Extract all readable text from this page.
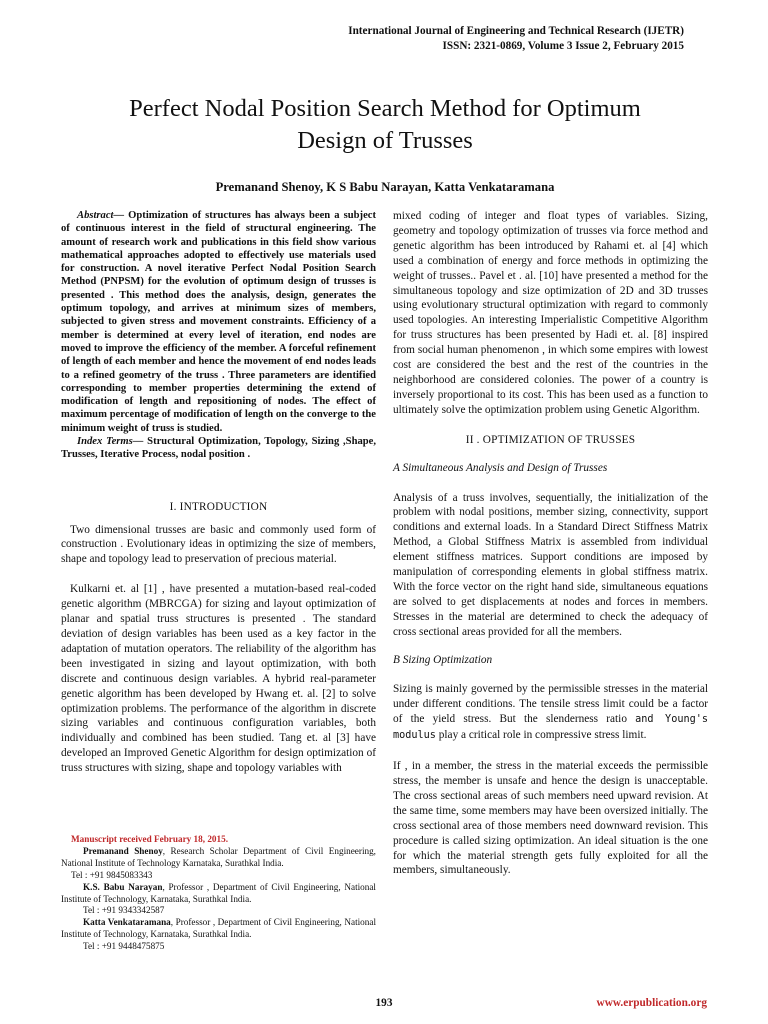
International Journal of Engineering and Technical Research (IJETR)
ISSN: 2321-0869, Volume 3 Issue 2, February 2015
Perfect Nodal Position Search Method for Optimum
Design of Trusses
Premanand Shenoy, K S Babu Narayan, Katta Venkataramana

Abstract— Optimization of structures has always been a subject of continuous interest in the field of structural engineering. The amount of research work and publications in this field show various mathematical approaches adopted to effectively use materials used for construction. A novel iterative Perfect Nodal Position Search Method (PNPSM) for the evolution of optimum design of trusses is presented . This method does the analysis, design, generates the optimum topology, and arrives at minimum sizes of members, subjected to given stress and movement constraints. Efficiency of a member is determined at every level of iteration, end nodes are moved to improve the efficiency of the member. A forceful refinement of length of each member and hence the movement of end nodes leads to a refined geometry of the truss . Three parameters are identified corresponding to member properties determining the extend of modification of length and repositioning of nodes. The effect of maximum percentage of modification of length on the converge to the minimum weight of truss is studied.

Index Terms— Structural Optimization, Topology, Sizing ,Shape, Trusses, Iterative Process, nodal position .

I. INTRODUCTION

Two dimensional trusses are basic and commonly used form of construction . Evolutionary ideas in optimizing the size of members, shape and topology lead to preservation of precious material.

Kulkarni et. al [1] , have presented a mutation-based real-coded genetic algorithm (MBRCGA) for sizing and layout optimization of planar and spatial truss structures is presented . The standard deviation of design variables has been used as a key factor in the adaptation of mutation operators. The reliability of the algorithm has been investigated in sizing and layout optimization, with both discrete and continuous design variables. A hybrid real-parameter genetic algorithm has been developed by Hwang et. al. [2] to solve optimization problems. The performance of the algorithm in discrete sizing variables and continuous configuration variables, both individually and combined has been studied. Tang et. al [3] have developed an Improved Genetic Algorithm for design optimization of truss structures with sizing, shape and topology variables with

Manuscript received February 18, 2015.

Premanand Shenoy, Research Scholar Department of Civil Engineering, National Institute of Technology Karnataka, Surathkal India.

Tel : +91 9845083343

K.S. Babu Narayan, Professor , Department of Civil Engineering, National Institute of Technology, Karnataka, Surathkal India.

Tel : +91 9343342587

Katta Venkataramana, Professor , Department of Civil Engineering, National Institute of Technology, Karnataka, Surathkal India.

Tel : +91 9448475875

mixed coding of integer and float types of variables. Sizing, geometry and topology optimization of trusses via force method and genetic algorithm has been introduced by Rahami et. al [4] which used a combination of energy and force methods in optimizing the weight of trusses.. Pavel et . al. [10] have presented a method for the simultaneous topology and size optimization of 2D and 3D trusses using evolutionary structural optimization with regard to commonly used topologies. An interesting Imperialistic Competitive Algorithm for truss structures has been presented by Hadi et. al. [8] inspired from social human phenomenon , in which some empires with lowest cost are considered the best and the rest of the countries in the neighborhood are considered colonies. The power of a country is inversely proportional to its cost. This has been used as a function to ultimately solve the optimization problem using Genetic Algorithm.

II . OPTIMIZATION OF TRUSSES
A Simultaneous Analysis and Design of Trusses

Analysis of a truss involves, sequentially, the initialization of the problem with nodal positions, member sizing, connectivity, support conditions and external loads. In a Standard Direct Stiffness Matrix Method, a Global Stiffness Matrix is assembled from individual element stiffness matrices. Support conditions are imposed by manipulation of corresponding elements in global stiffness matrix. With the force vector on the right hand side, simultaneous equations are solved to get displacements at nodes and forces in members. Stresses in the material are determined to check the adequacy of cross sectional areas provided for all the members.

B Sizing Optimization

Sizing is mainly governed by the permissible stresses in the material under different conditions. The tensile stress limit could be a factor of the yield stress. But the slenderness ratio and Young's modulus play a critical role in compressive stress limit.

If , in a member, the stress in the material exceeds the permissible stress, the member is unsafe and hence the design is unacceptable. The cross sectional areas of such members need upward revision. At the same time, some members may have been oversized initially. The cross sectional area of those members need downward revision. This procedure is called sizing optimization. An ideal situation is the one for which the material strength gets fully exploited for all the members, simultaneously.

193	www.erpublication.org
